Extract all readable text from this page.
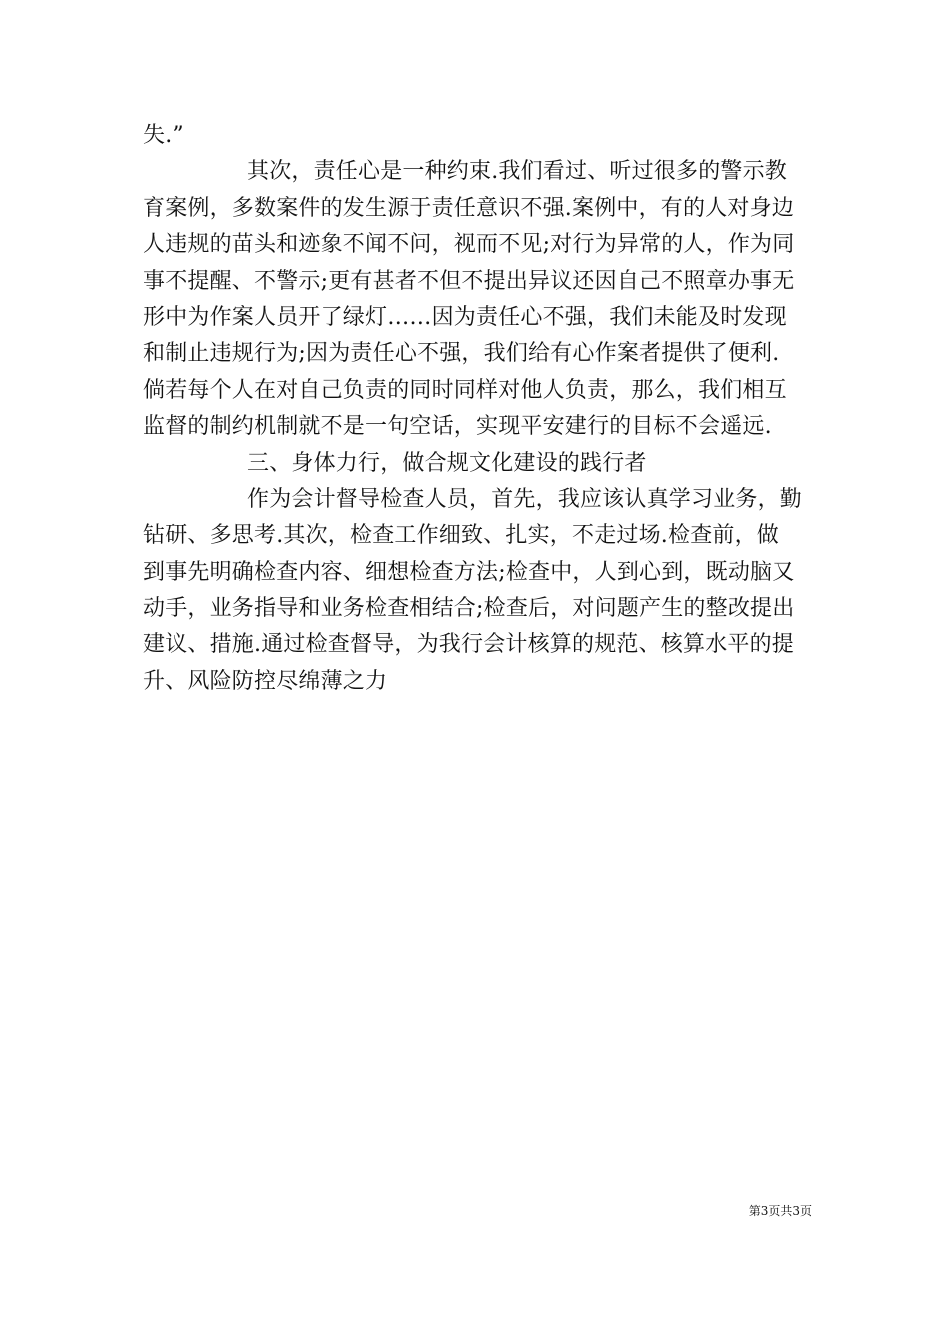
失.”
其次，责任心是一种约束.我们看过、听过很多的警示教
育案例，多数案件的发生源于责任意识不强.案例中，有的人对身边
人违规的苗头和迹象不闻不问，视而不见;对行为异常的人，作为同
事不提醒、不警示;更有甚者不但不提出异议还因自己不照章办事无
形中为作案人员开了绿灯……因为责任心不强，我们未能及时发现
和制止违规行为;因为责任心不强，我们给有心作案者提供了便利.
倘若每个人在对自己负责的同时同样对他人负责，那么，我们相互
监督的制约机制就不是一句空话，实现平安建行的目标不会遥远.
三、身体力行，做合规文化建设的践行者
作为会计督导检查人员，首先，我应该认真学习业务，勤
钻研、多思考.其次，检查工作细致、扎实，不走过场.检查前，做
到事先明确检查内容、细想检查方法;检查中，人到心到，既动脑又
动手，业务指导和业务检查相结合;检查后，对问题产生的整改提出
建议、措施.通过检查督导，为我行会计核算的规范、核算水平的提
升、风险防控尽绵薄之力
第3页共3页
